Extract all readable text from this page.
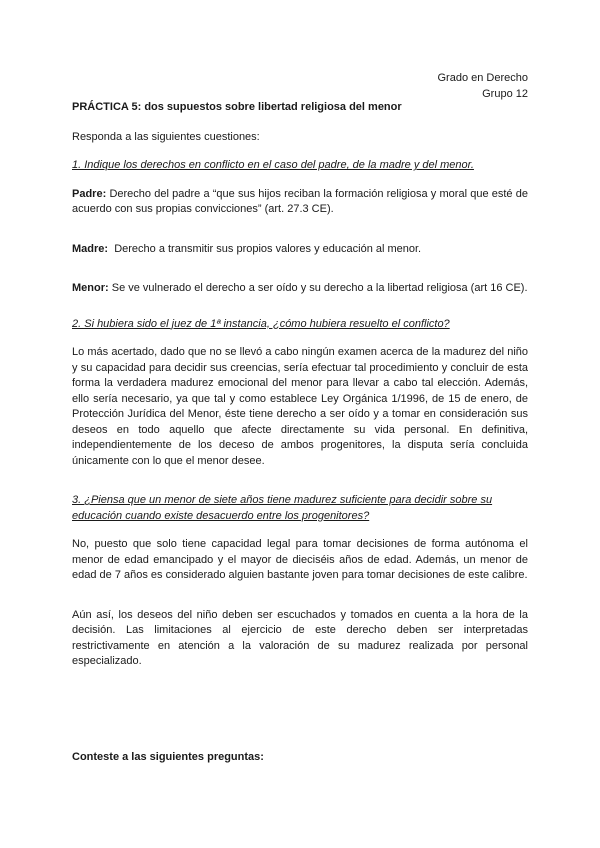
Grado en Derecho
Grupo 12

PRÁCTICA 5: dos supuestos sobre libertad religiosa del menor

Responda a las siguientes cuestiones:

1. Indique los derechos en conflicto en el caso del padre, de la madre y del menor.

Padre: Derecho del padre a “que sus hijos reciban la formación religiosa y moral que esté de acuerdo con sus propias convicciones” (art. 27.3 CE).

Madre: Derecho a transmitir sus propios valores y educación al menor.

Menor: Se ve vulnerado el derecho a ser oído y su derecho a la libertad religiosa (art 16 CE).

2. Si hubiera sido el juez de 1ª instancia, ¿cómo hubiera resuelto el conflicto?

Lo más acertado, dado que no se llevó a cabo ningún examen acerca de la madurez del niño y su capacidad para decidir sus creencias, sería efectuar tal procedimiento y concluir de esta forma la verdadera madurez emocional del menor para llevar a cabo tal elección. Además, ello sería necesario, ya que tal y como establece Ley Orgánica 1/1996, de 15 de enero, de Protección Jurídica del Menor, éste tiene derecho a ser oído y a tomar en consideración sus deseos en todo aquello que afecte directamente su vida personal. En definitiva, independientemente de los deceso de ambos progenitores, la disputa sería concluida únicamente con lo que el menor desee.

3. ¿Piensa que un menor de siete años tiene madurez suficiente para decidir sobre su educación cuando existe desacuerdo entre los progenitores?

No, puesto que solo tiene capacidad legal para tomar decisiones de forma autónoma el menor de edad emancipado y el mayor de dieciséis años de edad. Además, un menor de edad de 7 años es considerado alguien bastante joven para tomar decisiones de este calibre.

Aún así, los deseos del niño deben ser escuchados y tomados en cuenta a la hora de la decisión. Las limitaciones al ejercicio de este derecho deben ser interpretadas restrictivamente en atención a la valoración de su madurez realizada por personal especializado.

Conteste a las siguientes preguntas:
